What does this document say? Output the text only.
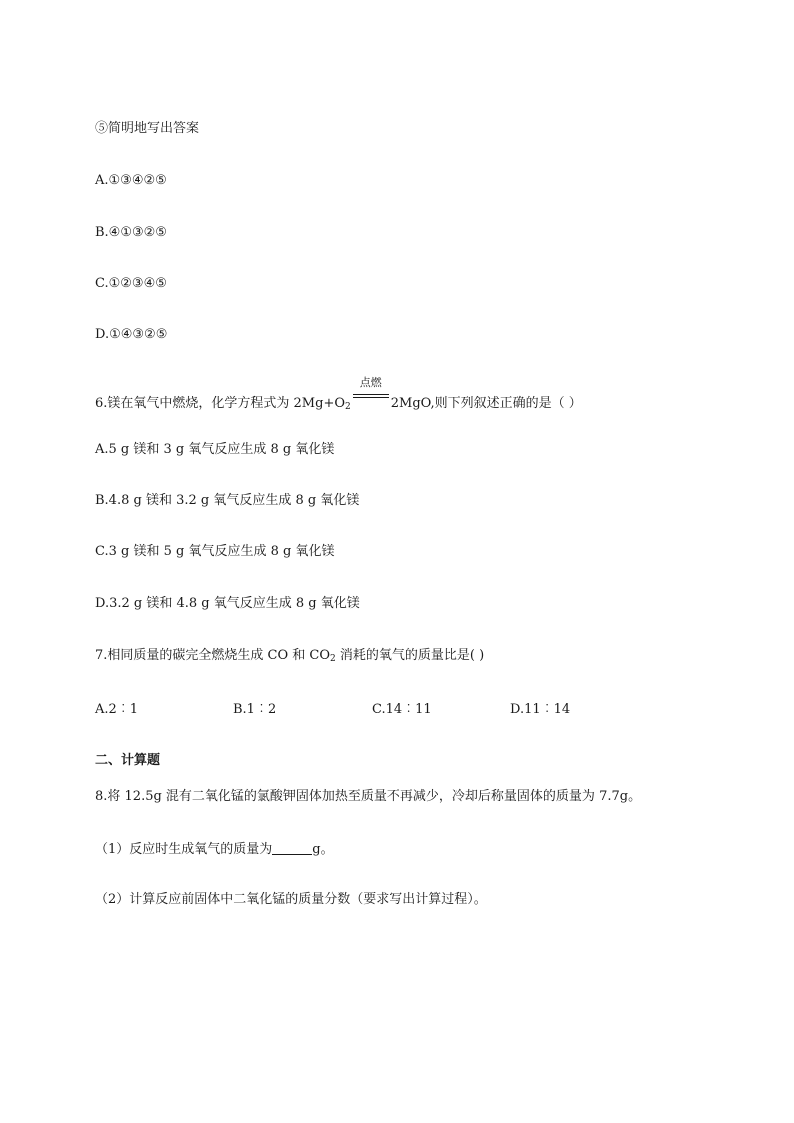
⑤简明地写出答案
A.①③④②⑤
B.④①③②⑤
C.①②③④⑤
D.①④③②⑤
6.镁在氧气中燃烧，化学方程式为 $2Mg+O_2$
点燃
2MgO,则下列叙述正确的是（ ）
A.5 g 镁和 3 g 氧气反应生成 8 g 氧化镁
B.4.8 g 镁和 3.2 g 氧气反应生成 8 g 氧化镁
C.3 g 镁和 5 g 氧气反应生成 8 g 氧化镁
D.3.2 g 镁和 4.8 g 氧气反应生成 8 g 氧化镁
7.相同质量的碳完全燃烧生成 CO 和 $CO_2$ 消耗的氧气的质量比是( )
A.2︰1	B.1︰2	C.14︰11	D.11︰14
二、计算题
8.将 12.5g 混有二氧化锰的氯酸钾固体加热至质量不再减少，冷却后称量固体的质量为 7.7g。
（1）反应时生成氧气的质量为	g。
（2）计算反应前固体中二氧化锰的质量分数（要求写出计算过程）。
